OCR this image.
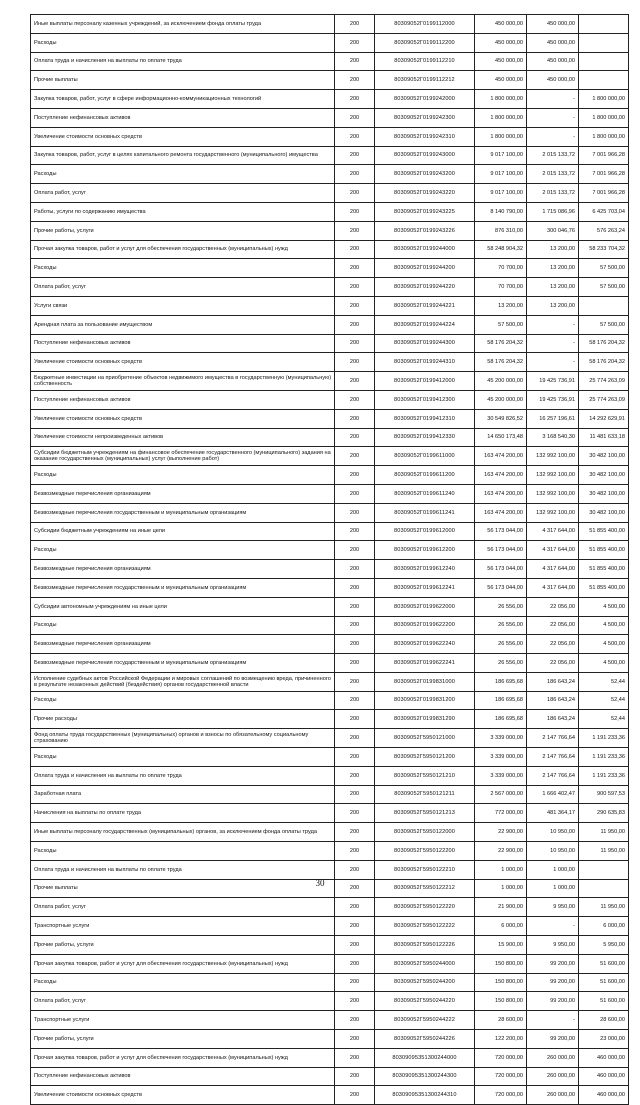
Иные выплаты персоналу казенных учреждений, за исключением фонда оплаты труда	200	80309052Г0199112000	450 000,00	450 000,00	
Расходы	200	80309052Г0199112200	450 000,00	450 000,00	
Оплата труда и начисления на выплаты по оплате труда	200	80309052Г0199112210	450 000,00	450 000,00	
Прочие выплаты	200	80309052Г0199112212	450 000,00	450 000,00	
Закупка товаров, работ, услуг в сфере информационно-коммуникационных технологий	200	80309052Г0199242000	1 800 000,00	-	1 800 000,00
Поступление нефинансовых активов	200	80309052Г0199242300	1 800 000,00	-	1 800 000,00
Увеличение стоимости основных средств	200	80309052Г0199242310	1 800 000,00	-	1 800 000,00
Закупка товаров, работ, услуг в целях капитального ремонта государственного (муниципального) имущества	200	80309052Г0199243000	9 017 100,00	2 015 133,72	7 001 966,28
Расходы	200	80309052Г0199243200	9 017 100,00	2 015 133,72	7 001 966,28
Оплата работ, услуг	200	80309052Г0199243220	9 017 100,00	2 015 133,72	7 001 966,28
Работы, услуги по содержанию имущества	200	80309052Г0199243225	8 140 790,00	1 715 086,96	6 425 703,04
Прочие работы, услуги	200	80309052Г0199243226	876 310,00	300 046,76	576 263,24
Прочая закупка товаров, работ и услуг для обеспечения государственных (муниципальных) нужд	200	80309052Г0199244000	58 248 904,32	13 200,00	58 233 704,32
Расходы	200	80309052Г0199244200	70 700,00	13 200,00	57 500,00
Оплата работ, услуг	200	80309052Г0199244220	70 700,00	13 200,00	57 500,00
Услуги связи	200	80309052Г0199244221	13 200,00	13 200,00	
Арендная плата за пользование имуществом	200	80309052Г0199244224	57 500,00	-	57 500,00
Поступление нефинансовых активов	200	80309052Г0199244300	58 176 204,32	-	58 176 204,32
Увеличение стоимости основных средств	200	80309052Г0199244310	58 176 204,32	-	58 176 204,32
Бюджетные инвестиции на приобретение объектов недвижимого имущества в государственную (муниципальную) собственность	200	80309052Г0199412000	45 200 000,00	19 425 736,91	25 774 263,09
Поступление нефинансовых активов	200	80309052Г0199412300	45 200 000,00	19 425 736,91	25 774 263,09
Увеличение стоимости основных средств	200	80309052Г0199412310	30 549 826,52	16 257 196,61	14 292 629,91
Увеличение стоимости непроизведенных активов	200	80309052Г0199412330	14 650 173,48	3 168 540,30	11 481 633,18
Субсидии бюджетным учреждениям на финансовое обеспечение государственного (муниципального) задания на оказание государственных (муниципальных) услуг (выполнение работ)	200	80309052Г0199611000	163 474 200,00	132 992 100,00	30 482 100,00
Расходы	200	80309052Г0199611200	163 474 200,00	132 992 100,00	30 482 100,00
Безвозмездные перечисления организациям	200	80309052Г0199611240	163 474 200,00	132 992 100,00	30 482 100,00
Безвозмездные перечисления государственным и муниципальным организациям	200	80309052Г0199611241	163 474 200,00	132 992 100,00	30 482 100,00
Субсидии бюджетным учреждениям на иные цели	200	80309052Г0199612000	56 173 044,00	4 317 644,00	51 855 400,00
Расходы	200	80309052Г0199612200	56 173 044,00	4 317 644,00	51 855 400,00
Безвозмездные перечисления организациям	200	80309052Г0199612240	56 173 044,00	4 317 644,00	51 855 400,00
Безвозмездные перечисления государственным и муниципальным организациям	200	80309052Г0199612241	56 173 044,00	4 317 644,00	51 855 400,00
Субсидии автономным учреждениям на иные цели	200	80309052Г0199622000	26 556,00	22 056,00	4 500,00
Расходы	200	80309052Г0199622200	26 556,00	22 056,00	4 500,00
Безвозмездные перечисления организациям	200	80309052Г0199622240	26 556,00	22 056,00	4 500,00
Безвозмездные перечисления государственным и муниципальным организациям	200	80309052Г0199622241	26 556,00	22 056,00	4 500,00
Исполнение судебных актов Российской Федерации и мировых соглашений по возмещению вреда, причиненного в результате незаконных действий (бездействия) органов государственной власти	200	80309052Г0199831000	186 695,68	186 643,24	52,44
Расходы	200	80309052Г0199831200	186 695,68	186 643,24	52,44
Прочие расходы	200	80309052Г0199831290	186 695,68	186 643,24	52,44
Фонд оплаты труда государственных (муниципальных) органов и взносы по обязательному социальному страхованию	200	80309052Г5950121000	3 339 000,00	2 147 766,64	1 191 233,36
Расходы	200	80309052Г5950121200	3 339 000,00	2 147 766,64	1 191 233,36
Оплата труда и начисления на выплаты по оплате труда	200	80309052Г5950121210	3 339 000,00	2 147 766,64	1 191 233,36
Заработная плата	200	80309052Г5950121211	2 567 000,00	1 666 402,47	900 597,53
Начисления на выплаты по оплате труда	200	80309052Г5950121213	772 000,00	481 364,17	290 635,83
Иные выплаты персоналу государственных (муниципальных) органов, за исключением фонда оплаты труда	200	80309052Г5950122000	22 900,00	10 950,00	11 950,00
Расходы	200	80309052Г5950122200	22 900,00	10 950,00	11 950,00
Оплата труда и начисления на выплаты по оплате труда	200	80309052Г5950122210	1 000,00	1 000,00	
Прочие выплаты	200	80309052Г5950122212	1 000,00	1 000,00	
Оплата работ, услуг	200	80309052Г5950122220	21 900,00	9 950,00	11 950,00
Транспортные услуги	200	80309052Г5950122222	6 000,00	-	6 000,00
Прочие работы, услуги	200	80309052Г5950122226	15 900,00	9 950,00	5 950,00
Прочая закупка товаров, работ и услуг для обеспечения государственных (муниципальных) нужд	200	80309052Г5950244000	150 800,00	99 200,00	51 600,00
Расходы	200	80309052Г5950244200	150 800,00	99 200,00	51 600,00
Оплата работ, услуг	200	80309052Г5950244220	150 800,00	99 200,00	51 600,00
Транспортные услуги	200	80309052Г5950244222	28 600,00	-	28 600,00
Прочие работы, услуги	200	80309052Г5950244226	122 200,00	99 200,00	23 000,00
Прочая закупка товаров, работ и услуг для обеспечения государственных (муниципальных) нужд	200	80309095351300244000	720 000,00	260 000,00	460 000,00
Поступление нефинансовых активов	200	80309095351300244300	720 000,00	260 000,00	460 000,00
Увеличение стоимости основных средств	200	80309095351300244310	720 000,00	260 000,00	460 000,00
30
